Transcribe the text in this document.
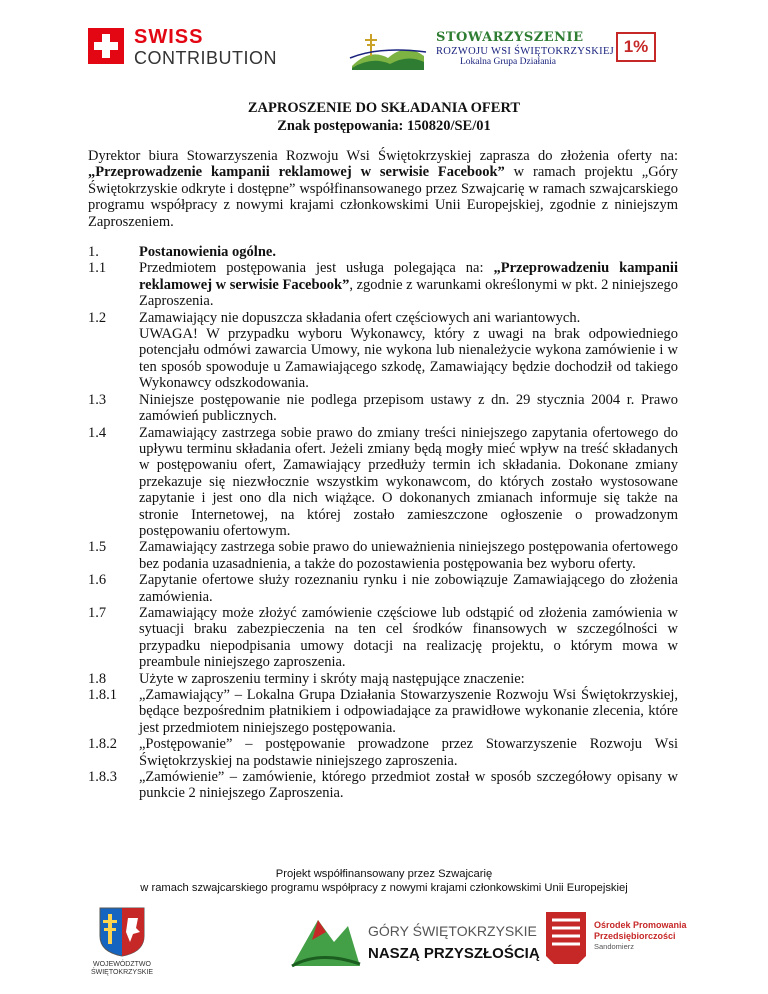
SWISS
CONTRIBUTION
STOWARZYSZENIE
ROZWOJU WSI ŚWIĘTOKRZYSKIEJ
Lokalna Grupa Działania
1%
ZAPROSZENIE DO SKŁADANIA OFERT
Znak postępowania: 150820/SE/01

Dyrektor biura Stowarzyszenia Rozwoju Wsi Świętokrzyskiej zaprasza do złożenia oferty na: „Przeprowadzenie kampanii reklamowej w serwisie Facebook” w ramach projektu „Góry Świętokrzyskie odkryte i dostępne” współfinansowanego przez Szwajcarię w ramach szwajcarskiego programu współpracy z nowymi krajami członkowskimi Unii Europejskiej, zgodnie z niniejszym Zaproszeniem.

1.	Postanowienia ogólne.
1.1	Przedmiotem postępowania jest usługa polegająca na: „Przeprowadzeniu kampanii reklamowej w serwisie Facebook”, zgodnie z warunkami określonymi w pkt. 2 niniejszego Zaproszenia.
1.2	Zamawiający nie dopuszcza składania ofert częściowych ani wariantowych.
UWAGA! W przypadku wyboru Wykonawcy, który z uwagi na brak odpowiedniego potencjału odmówi zawarcia Umowy, nie wykona lub nienależycie wykona zamówienie i w ten sposób spowoduje u Zamawiającego szkodę, Zamawiający będzie dochodził od takiego Wykonawcy odszkodowania.
1.3	Niniejsze postępowanie nie podlega przepisom ustawy z dn. 29 stycznia 2004 r. Prawo zamówień publicznych.
1.4	Zamawiający zastrzega sobie prawo do zmiany treści niniejszego zapytania ofertowego do upływu terminu składania ofert. Jeżeli zmiany będą mogły mieć wpływ na treść składanych w postępowaniu ofert, Zamawiający przedłuży termin ich składania. Dokonane zmiany przekazuje się niezwłocznie wszystkim wykonawcom, do których zostało wystosowane zapytanie i jest ono dla nich wiążące. O dokonanych zmianach informuje się także na stronie Internetowej, na której zostało zamieszczone ogłoszenie o prowadzonym postępowaniu ofertowym.
1.5	Zamawiający zastrzega sobie prawo do unieważnienia niniejszego postępowania ofertowego bez podania uzasadnienia, a także do pozostawienia postępowania bez wyboru oferty.
1.6	Zapytanie ofertowe służy rozeznaniu rynku i nie zobowiązuje Zamawiającego do złożenia zamówienia.
1.7	Zamawiający może złożyć zamówienie częściowe lub odstąpić od złożenia zamówienia w sytuacji braku zabezpieczenia na ten cel środków finansowych w szczególności w przypadku niepodpisania umowy dotacji na realizację projektu, o którym mowa w preambule niniejszego zaproszenia.
1.8	Użyte w zaproszeniu terminy i skróty mają następujące znaczenie:
1.8.1	„Zamawiający” – Lokalna Grupa Działania Stowarzyszenie Rozwoju Wsi Świętokrzyskiej, będące bezpośrednim płatnikiem i odpowiadające za prawidłowe wykonanie zlecenia, które jest przedmiotem niniejszego postępowania.
1.8.2	„Postępowanie” – postępowanie prowadzone przez Stowarzyszenie Rozwoju Wsi Świętokrzyskiej na podstawie niniejszego zaproszenia.
1.8.3	„Zamówienie” – zamówienie, którego przedmiot został w sposób szczegółowy opisany w punkcie 2 niniejszego Zaproszenia.
Projekt współfinansowany przez Szwajcarię
w ramach szwajcarskiego programu współpracy z nowymi krajami członkowskimi Unii Europejskiej
WOJEWÓDZTWO
ŚWIĘTOKRZYSKIE
GÓRY ŚWIĘTOKRZYSKIE
NASZĄ PRZYSZŁOŚCIĄ
Ośrodek Promowania
Przedsiębiorczości
Sandomierz
